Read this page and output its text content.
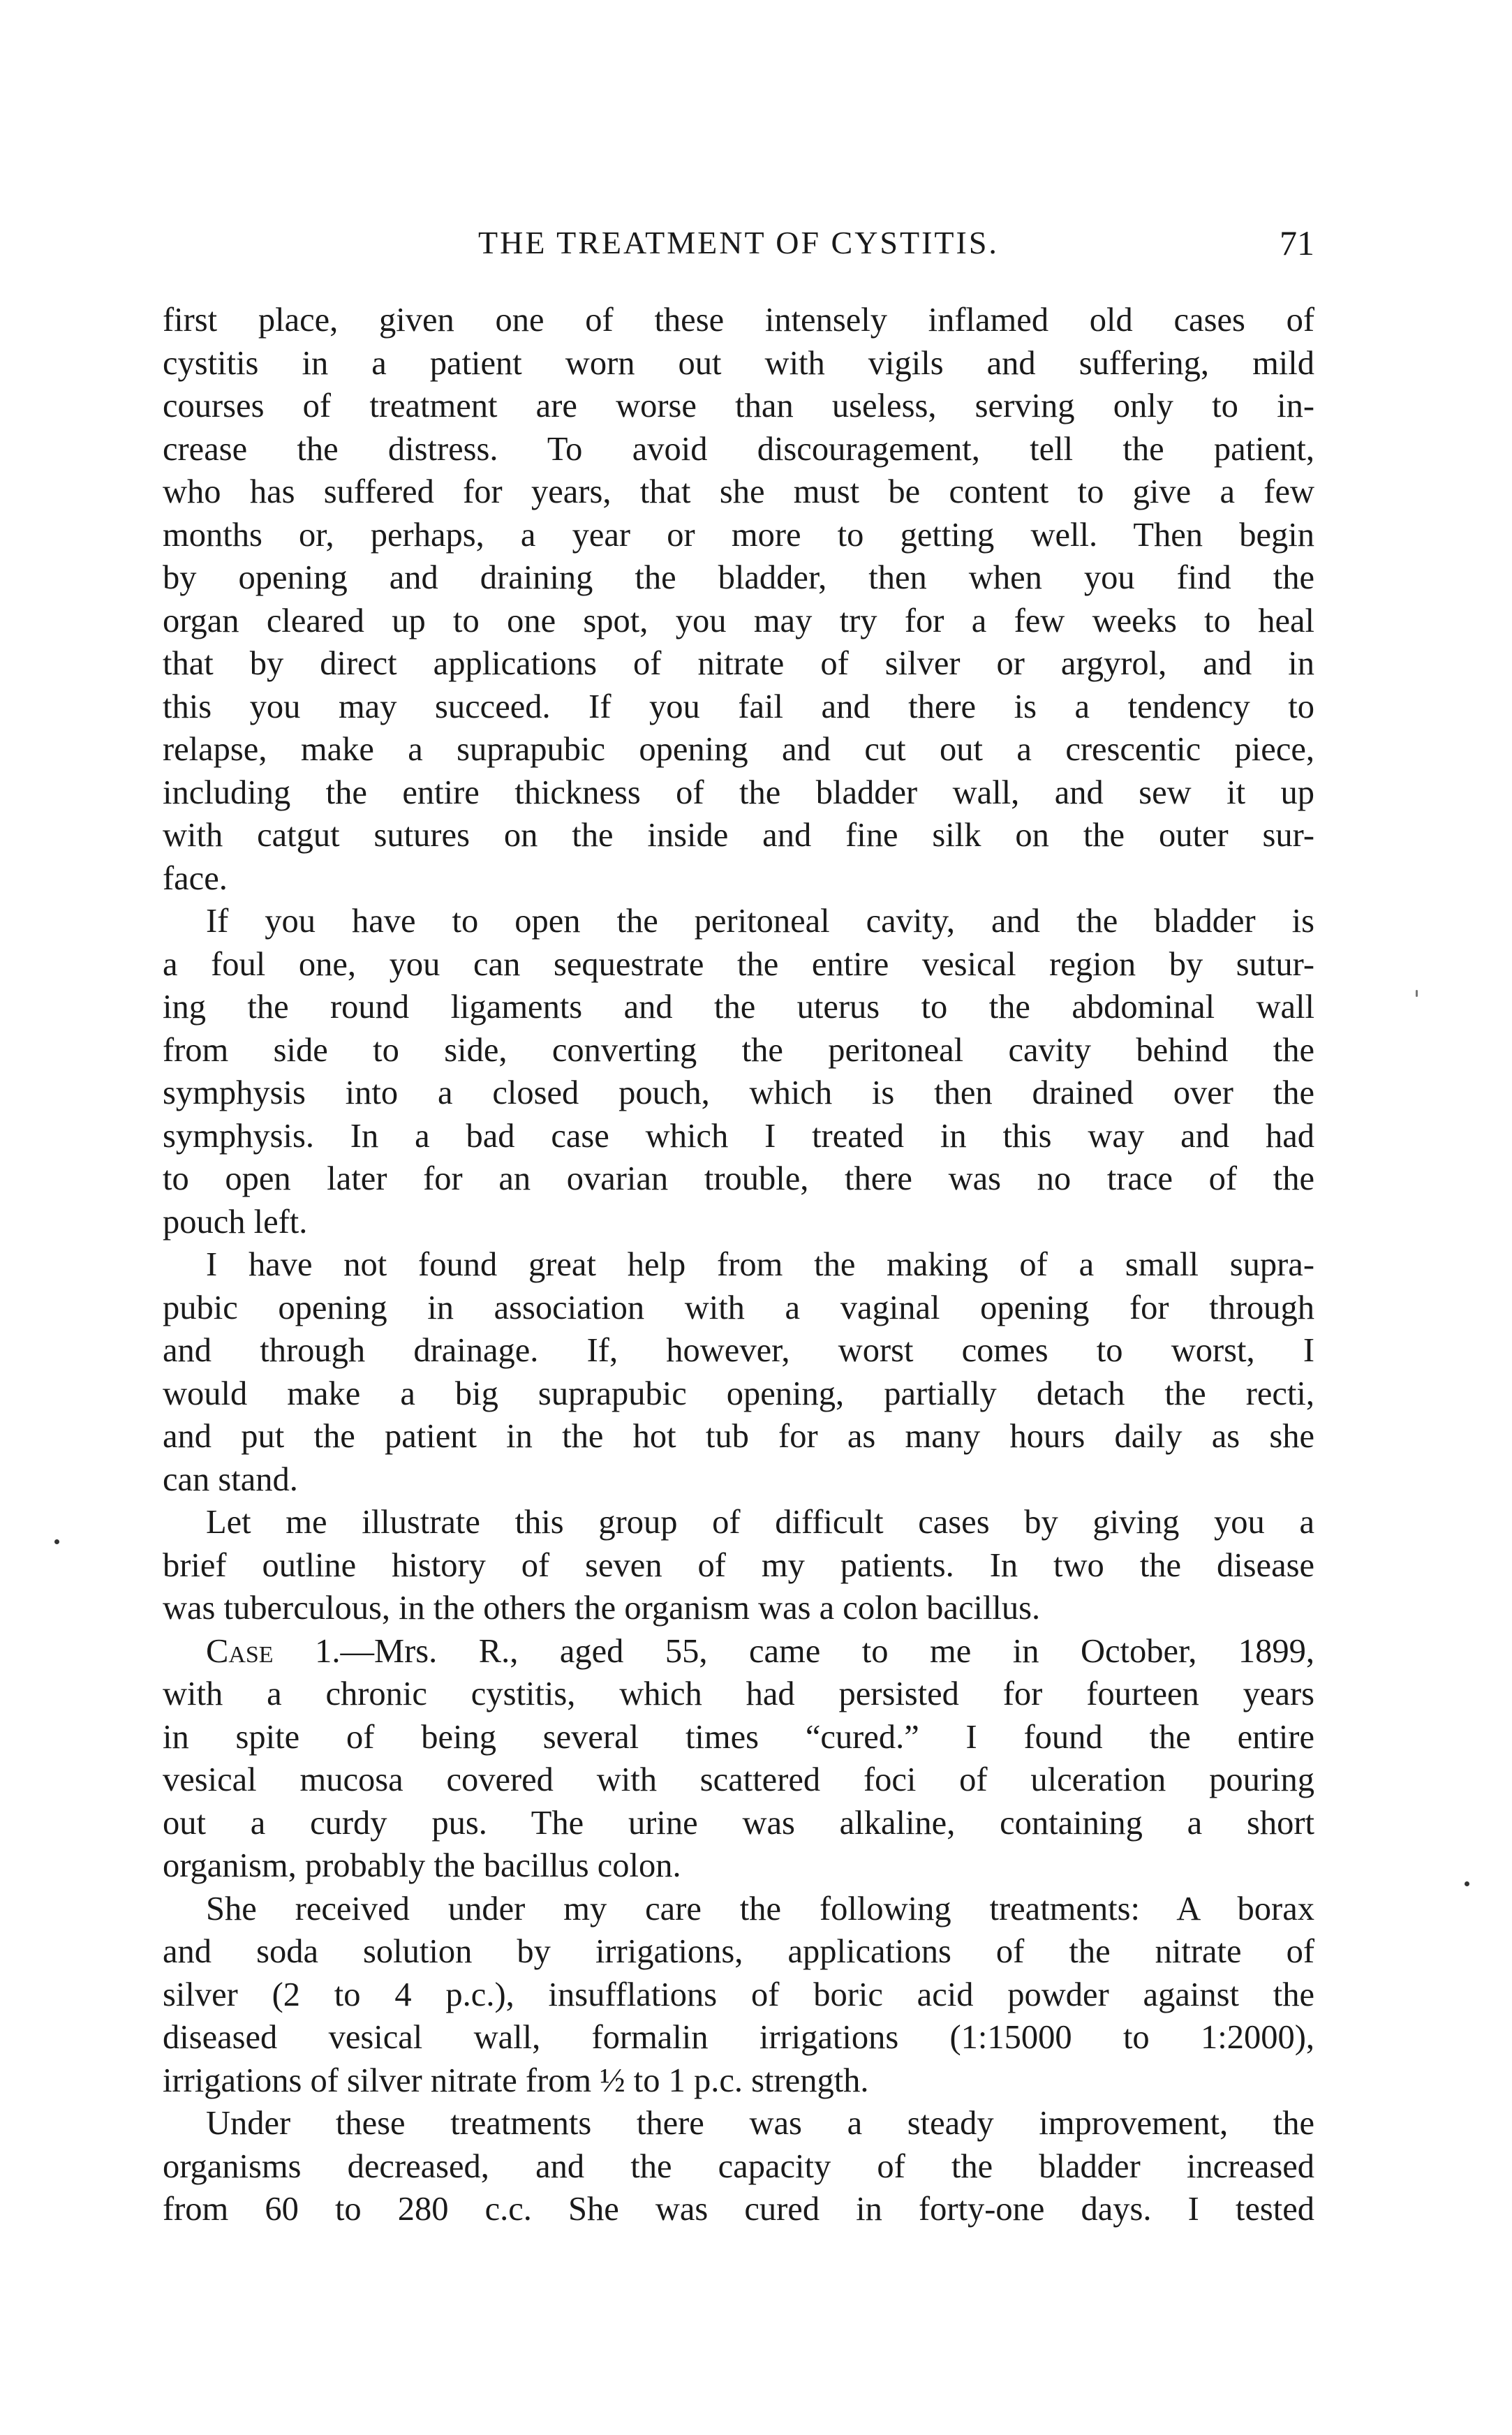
THE TREATMENT OF CYSTITIS.	71

first place, given one of these intensely inflamed old cases of
cystitis in a patient worn out with vigils and suffering, mild
courses of treatment are worse than useless, serving only to in-
crease the distress. To avoid discouragement, tell the patient,
who has suffered for years, that she must be content to give a few
months or, perhaps, a year or more to getting well. Then begin
by opening and draining the bladder, then when you find the
organ cleared up to one spot, you may try for a few weeks to heal
that by direct applications of nitrate of silver or argyrol, and in
this you may succeed. If you fail and there is a tendency to
relapse, make a suprapubic opening and cut out a crescentic piece,
including the entire thickness of the bladder wall, and sew it up
with catgut sutures on the inside and fine silk on the outer sur-
face.

If you have to open the peritoneal cavity, and the bladder is
a foul one, you can sequestrate the entire vesical region by sutur-
ing the round ligaments and the uterus to the abdominal wall
from side to side, converting the peritoneal cavity behind the
symphysis into a closed pouch, which is then drained over the
symphysis. In a bad case which I treated in this way and had
to open later for an ovarian trouble, there was no trace of the
pouch left.

I have not found great help from the making of a small supra-
pubic opening in association with a vaginal opening for through
and through drainage. If, however, worst comes to worst, I
would make a big suprapubic opening, partially detach the recti,
and put the patient in the hot tub for as many hours daily as she
can stand.

Let me illustrate this group of difficult cases by giving you a
brief outline history of seven of my patients. In two the disease
was tuberculous, in the others the organism was a colon bacillus.

Case 1.—Mrs. R., aged 55, came to me in October, 1899,
with a chronic cystitis, which had persisted for fourteen years
in spite of being several times “cured.” I found the entire
vesical mucosa covered with scattered foci of ulceration pouring
out a curdy pus. The urine was alkaline, containing a short
organism, probably the bacillus colon.

She received under my care the following treatments: A borax
and soda solution by irrigations, applications of the nitrate of
silver (2 to 4 p.c.), insufflations of boric acid powder against the
diseased vesical wall, formalin irrigations (1:15000 to 1:2000),
irrigations of silver nitrate from ½ to 1 p.c. strength.

Under these treatments there was a steady improvement, the
organisms decreased, and the capacity of the bladder increased
from 60 to 280 c.c. She was cured in forty-one days. I tested
